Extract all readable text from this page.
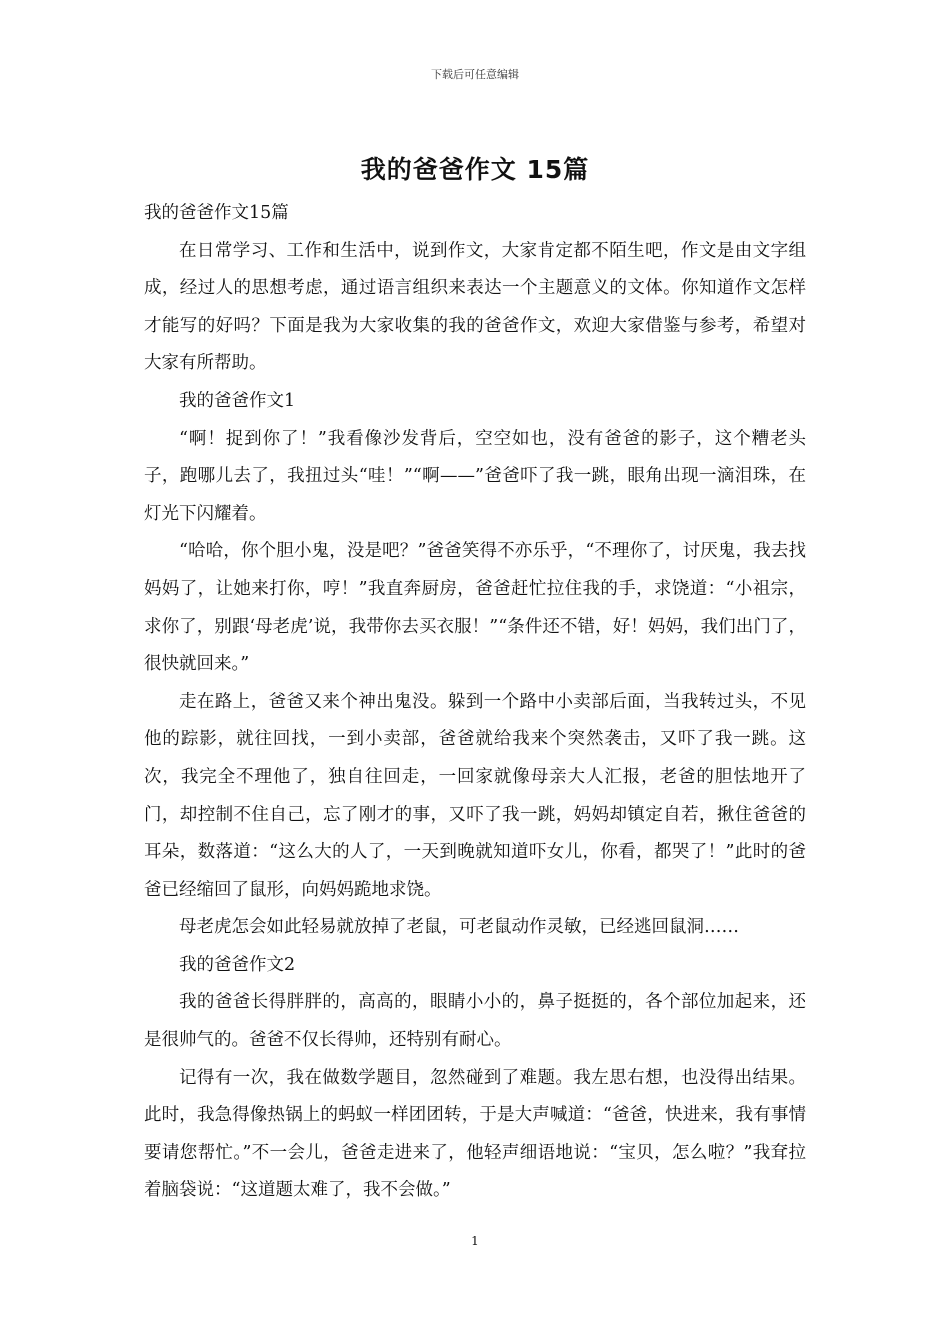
下载后可任意编辑
我的爸爸作文 15篇

我的爸爸作文15篇

在日常学习、工作和生活中，说到作文，大家肯定都不陌生吧，作文是由文字组成，经过人的思想考虑，通过语言组织来表达一个主题意义的文体。你知道作文怎样才能写的好吗？下面是我为大家收集的我的爸爸作文，欢迎大家借鉴与参考，希望对大家有所帮助。

我的爸爸作文1

“啊！捉到你了！”我看像沙发背后，空空如也，没有爸爸的影子，这个糟老头子，跑哪儿去了，我扭过头“哇！”“啊——”爸爸吓了我一跳，眼角出现一滴泪珠，在灯光下闪耀着。

“哈哈，你个胆小鬼，没是吧？”爸爸笑得不亦乐乎，“不理你了，讨厌鬼，我去找妈妈了，让她来打你，哼！”我直奔厨房，爸爸赶忙拉住我的手，求饶道：“小祖宗，求你了，别跟‘母老虎’说，我带你去买衣服！”“条件还不错，好！妈妈，我们出门了，很快就回来。”

走在路上，爸爸又来个神出鬼没。躲到一个路中小卖部后面，当我转过头，不见他的踪影，就往回找，一到小卖部，爸爸就给我来个突然袭击，又吓了我一跳。这次，我完全不理他了，独自往回走，一回家就像母亲大人汇报，老爸的胆怯地开了门，却控制不住自己，忘了刚才的事，又吓了我一跳，妈妈却镇定自若，揪住爸爸的耳朵，数落道：“这么大的人了，一天到晚就知道吓女儿，你看，都哭了！”此时的爸爸已经缩回了鼠形，向妈妈跪地求饶。

母老虎怎会如此轻易就放掉了老鼠，可老鼠动作灵敏，已经逃回鼠洞……

我的爸爸作文2

我的爸爸长得胖胖的，高高的，眼睛小小的，鼻子挺挺的，各个部位加起来，还是很帅气的。爸爸不仅长得帅，还特别有耐心。

记得有一次，我在做数学题目，忽然碰到了难题。我左思右想，也没得出结果。此时，我急得像热锅上的蚂蚁一样团团转，于是大声喊道：“爸爸，快进来，我有事情要请您帮忙。”不一会儿，爸爸走进来了，他轻声细语地说：“宝贝，怎么啦？”我耷拉着脑袋说：“这道题太难了，我不会做。”

1
